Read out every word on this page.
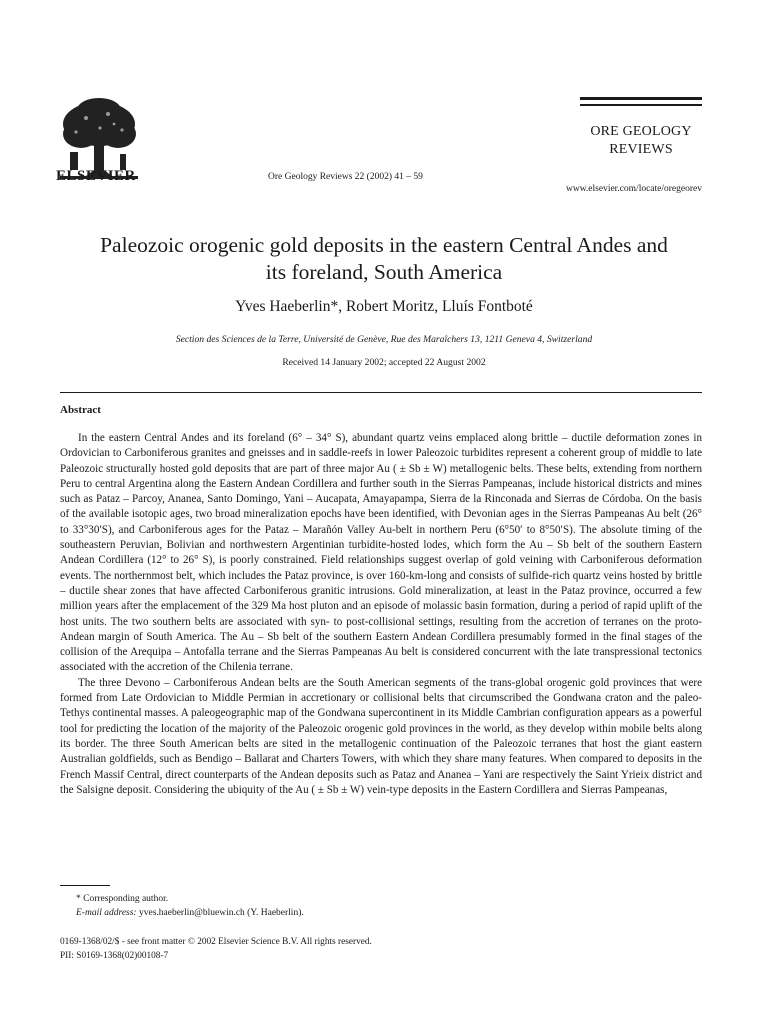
ELSEVIER	Ore Geology Reviews 22 (2002) 41 – 59
ORE GEOLOGY
REVIEWS
www.elsevier.com/locate/oregeorev
Paleozoic orogenic gold deposits in the eastern Central Andes and
its foreland, South America
Yves Haeberlin*, Robert Moritz, Lluís Fontboté
Section des Sciences de la Terre, Université de Genève, Rue des Maraîchers 13, 1211 Geneva 4, Switzerland
Received 14 January 2002; accepted 22 August 2002
Abstract

In the eastern Central Andes and its foreland (6° – 34° S), abundant quartz veins emplaced along brittle – ductile deformation zones in Ordovician to Carboniferous granites and gneisses and in saddle-reefs in lower Paleozoic turbidites represent a coherent group of middle to late Paleozoic structurally hosted gold deposits that are part of three major Au ( ± Sb ± W) metallogenic belts. These belts, extending from northern Peru to central Argentina along the Eastern Andean Cordillera and further south in the Sierras Pampeanas, include historical districts and mines such as Pataz – Parcoy, Ananea, Santo Domingo, Yani – Aucapata, Amayapampa, Sierra de la Rinconada and Sierras de Córdoba. On the basis of the available isotopic ages, two broad mineralization epochs have been identified, with Devonian ages in the Sierras Pampeanas Au belt (26° to 33°30′S), and Carboniferous ages for the Pataz – Marañón Valley Au-belt in northern Peru (6°50′ to 8°50′S). The absolute timing of the southeastern Peruvian, Bolivian and northwestern Argentinian turbidite-hosted lodes, which form the Au – Sb belt of the southern Eastern Andean Cordillera (12° to 26° S), is poorly constrained. Field relationships suggest overlap of gold veining with Carboniferous deformation events. The northernmost belt, which includes the Pataz province, is over 160-km-long and consists of sulfide-rich quartz veins hosted by brittle – ductile shear zones that have affected Carboniferous granitic intrusions. Gold mineralization, at least in the Pataz province, occurred a few million years after the emplacement of the 329 Ma host pluton and an episode of molassic basin formation, during a period of rapid uplift of the host units. The two southern belts are associated with syn- to post-collisional settings, resulting from the accretion of terranes on the proto-Andean margin of South America. The Au – Sb belt of the southern Eastern Andean Cordillera presumably formed in the final stages of the collision of the Arequipa – Antofalla terrane and the Sierras Pampeanas Au belt is considered concurrent with the late transpressional tectonics associated with the accretion of the Chilenia terrane.

The three Devono – Carboniferous Andean belts are the South American segments of the trans-global orogenic gold provinces that were formed from Late Ordovician to Middle Permian in accretionary or collisional belts that circumscribed the Gondwana craton and the paleo-Tethys continental masses. A paleogeographic map of the Gondwana supercontinent in its Middle Cambrian configuration appears as a powerful tool for predicting the location of the majority of the Paleozoic orogenic gold provinces in the world, as they develop within mobile belts along its border. The three South American belts are sited in the metallogenic continuation of the Paleozoic terranes that host the giant eastern Australian goldfields, such as Bendigo – Ballarat and Charters Towers, with which they share many features. When compared to deposits in the French Massif Central, direct counterparts of the Andean deposits such as Pataz and Ananea – Yani are respectively the Saint Yrieix district and the Salsigne deposit. Considering the ubiquity of the Au ( ± Sb ± W) vein-type deposits in the Eastern Cordillera and Sierras Pampeanas,

* Corresponding author.
E-mail address: yves.haeberlin@bluewin.ch (Y. Haeberlin).
0169-1368/02/$ - see front matter © 2002 Elsevier Science B.V. All rights reserved.
PII: S0169-1368(02)00108-7
